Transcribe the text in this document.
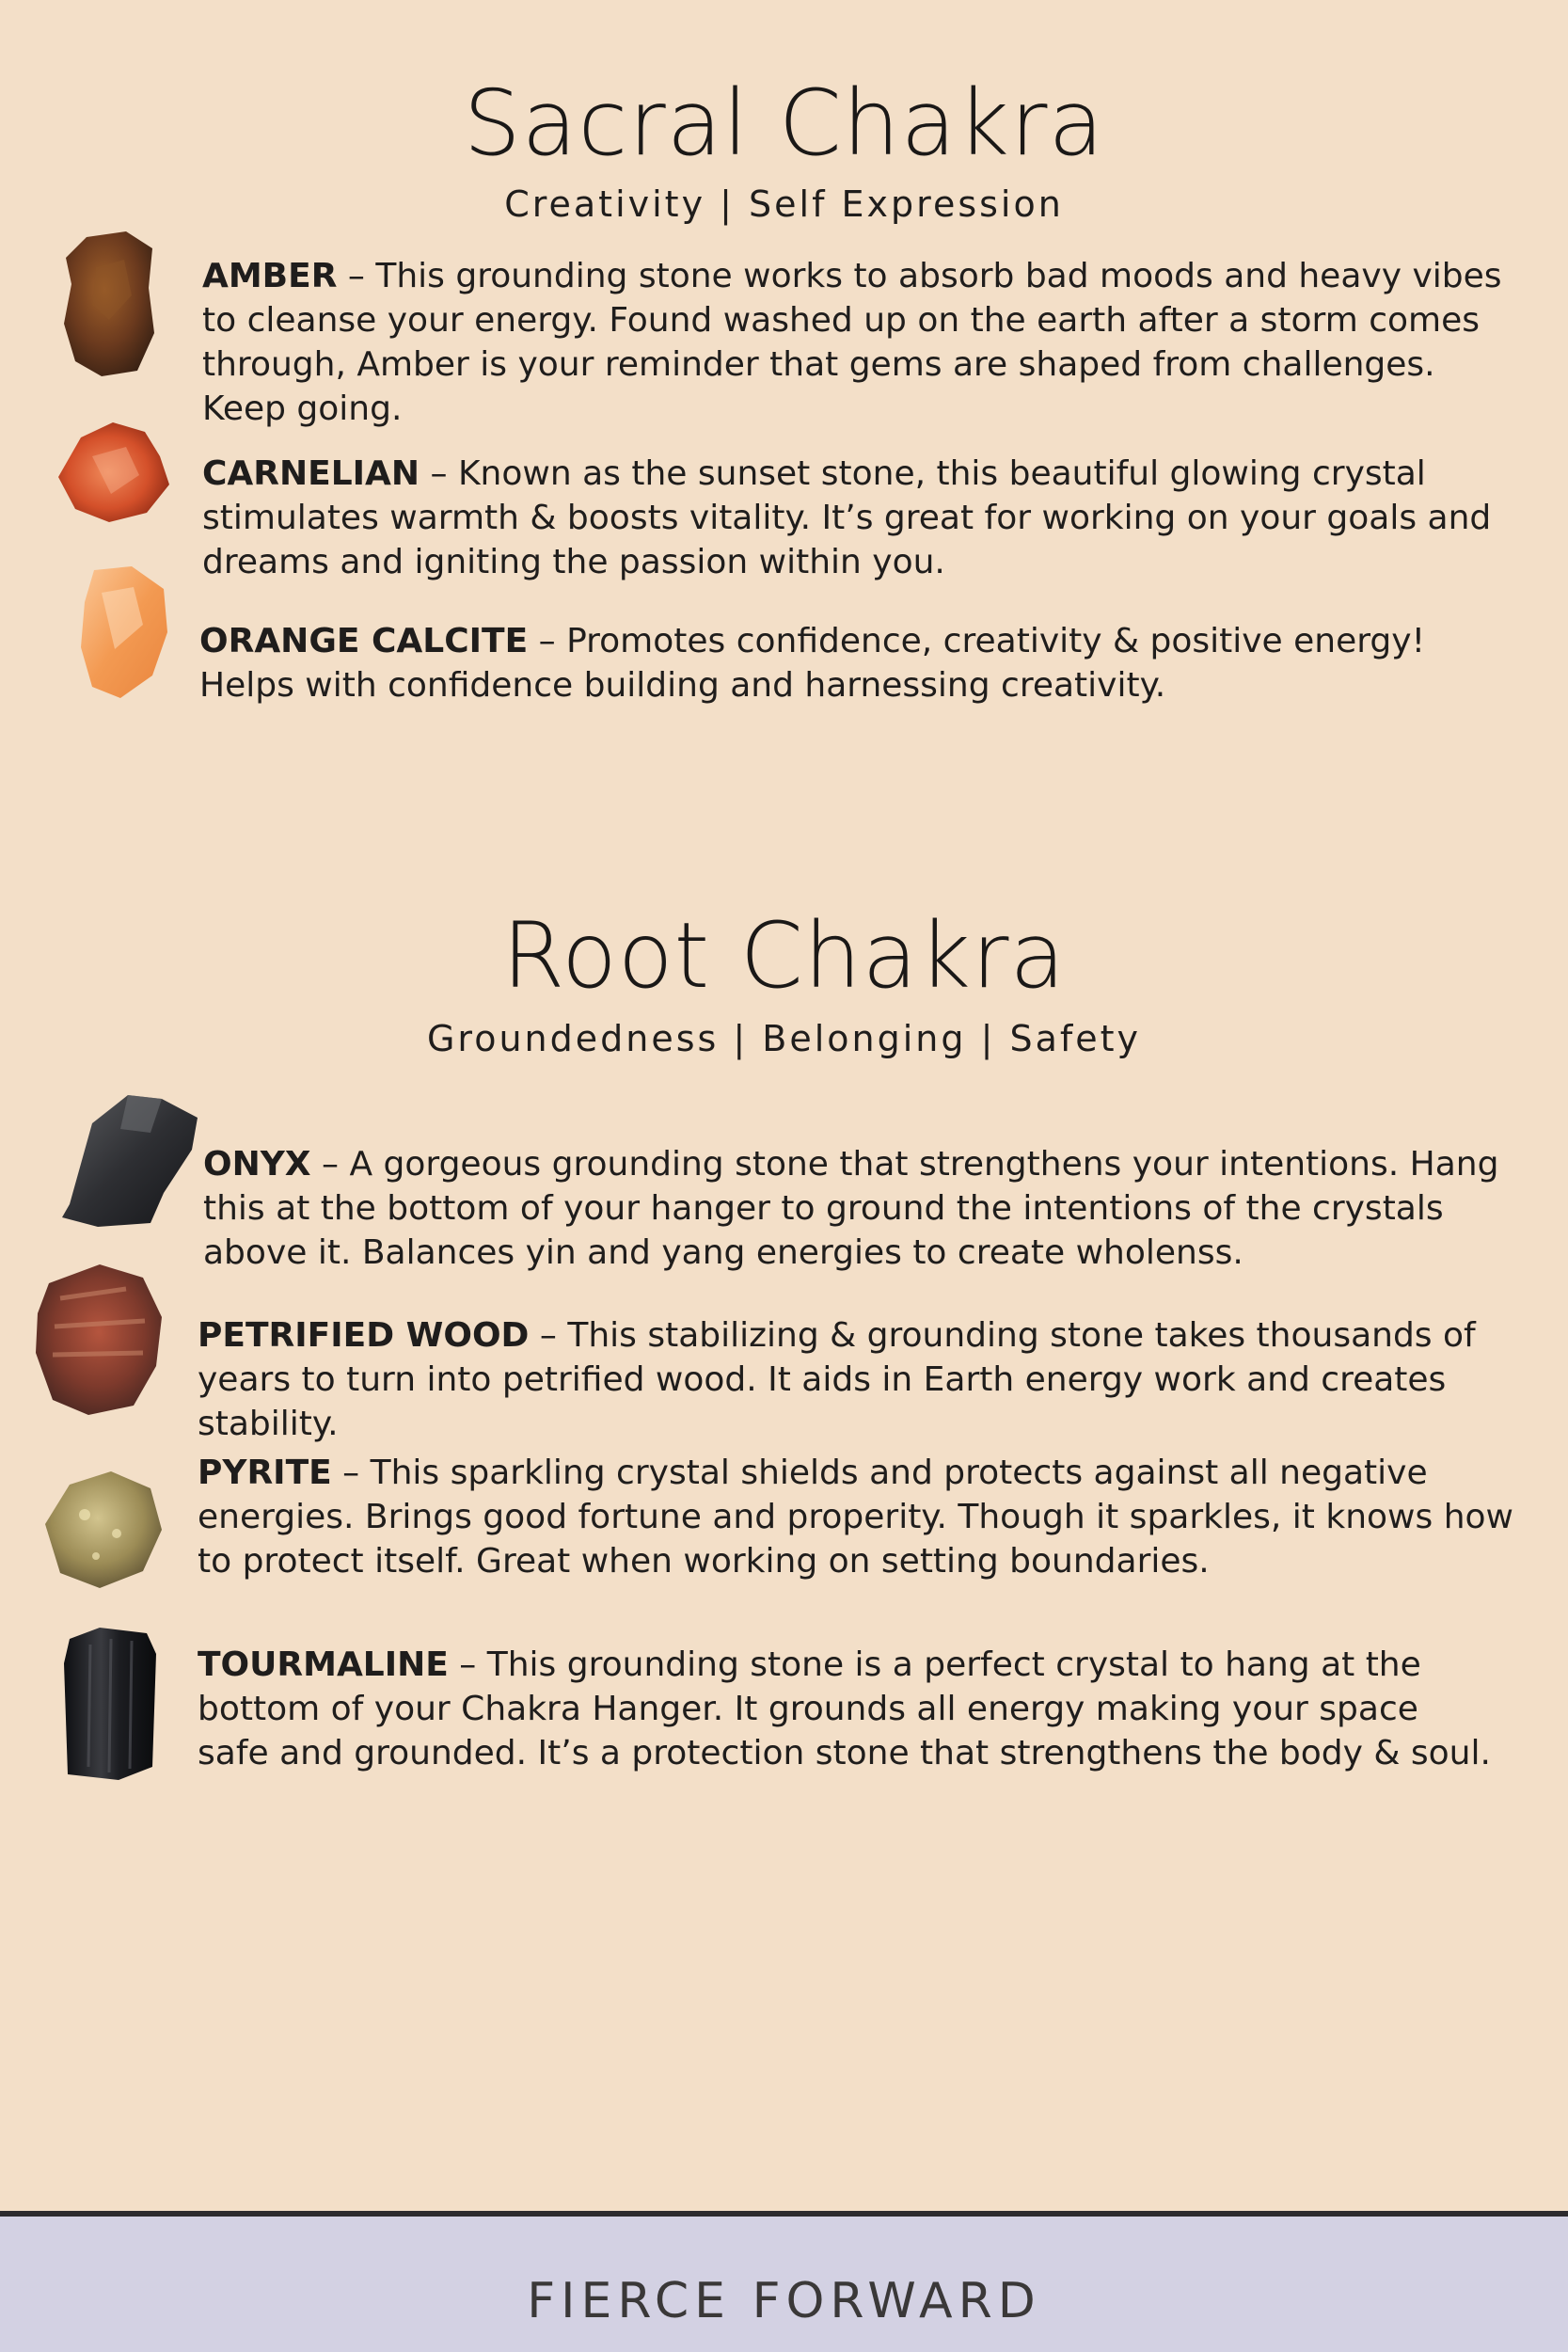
Sacral Chakra

Creativity | Self Expression

AMBER – This grounding stone works to absorb bad moods and heavy vibes to cleanse your energy. Found washed up on the earth after a storm comes through, Amber is your reminder that gems are shaped from challenges. Keep going.
CARNELIAN – Known as the sunset stone, this beautiful glowing crystal stimulates warmth & boosts vitality. It’s great for working on your goals and dreams and igniting the passion within you.
ORANGE CALCITE – Promotes confidence, creativity & positive energy! Helps with confidence building and harnessing creativity.
Root Chakra

Groundedness | Belonging | Safety

ONYX – A gorgeous grounding stone that strengthens your intentions. Hang this at the bottom of your hanger to ground the intentions of the crystals above it. Balances yin and yang energies to create wholenss.
PETRIFIED WOOD – This stabilizing & grounding stone takes thousands of years to turn into petrified wood. It aids in Earth energy work and creates stability.
PYRITE – This sparkling crystal shields and protects against all negative energies. Brings good fortune and properity. Though it sparkles, it knows how to protect itself. Great when working on setting boundaries.
TOURMALINE – This grounding stone is a perfect crystal to hang at the bottom of your Chakra Hanger. It grounds all energy making your space safe and grounded. It’s a protection stone that strengthens the body & soul.
FIERCE FORWARD
